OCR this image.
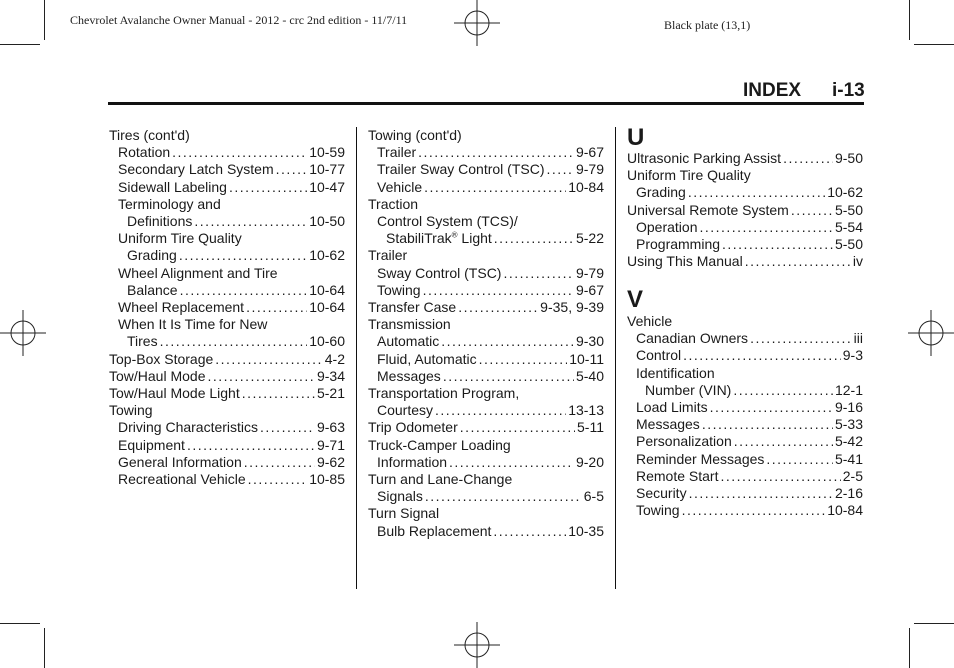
Chevrolet Avalanche Owner Manual - 2012 - crc 2nd edition - 11/7/11	Black plate (13,1)
INDEX i-13
Tires (cont'd)
Rotation . . .	10-59
Secondary Latch System . . .	10-77
Sidewall Labeling . . .	10-47
Terminology and
Definitions . . .	10-50
Uniform Tire Quality
Grading . . .	10-62
Wheel Alignment and Tire
Balance . . .	10-64
Wheel Replacement . . .	10-64
When It Is Time for New
Tires . . .	10-60
Top-Box Storage . . .	4-2
Tow/Haul Mode . . .	9-34
Tow/Haul Mode Light . . .	5-21
Towing
Driving Characteristics . . .	9-63
Equipment . . .	9-71
General Information . . .	9-62
Recreational Vehicle . . .	10-85
Towing (cont'd)
Trailer . . .	9-67
Trailer Sway Control (TSC) . . . 9-79
Vehicle . . .	10-84
Traction
Control System (TCS)/
StabiliTrak® Light . . .	5-22
Trailer
Sway Control (TSC) . . .	9-79
Towing . . .	9-67
Transfer Case . . .	9-35, 9-39
Transmission
Automatic . . .	9-30
Fluid, Automatic . . .	10-11
Messages . . .	5-40
Transportation Program,
Courtesy . . .	13-13
Trip Odometer . . .	5-11
Truck-Camper Loading
Information . . .	9-20
Turn and Lane-Change
Signals . . .	6-5
Turn Signal
Bulb Replacement . . .	10-35
U
Ultrasonic Parking Assist . . .	9-50
Uniform Tire Quality
Grading . . .	10-62
Universal Remote System . . .	5-50
Operation . . .	5-54
Programming . . .	5-50
Using This Manual . . .	iv
V
Vehicle
Canadian Owners . . .	iii
Control . . .	9-3
Identification
Number (VIN) . . .	12-1
Load Limits . . .	9-16
Messages . . .	5-33
Personalization . . .	5-42
Reminder Messages . . .	5-41
Remote Start . . .	2-5
Security . . .	2-16
Towing . . .	10-84
